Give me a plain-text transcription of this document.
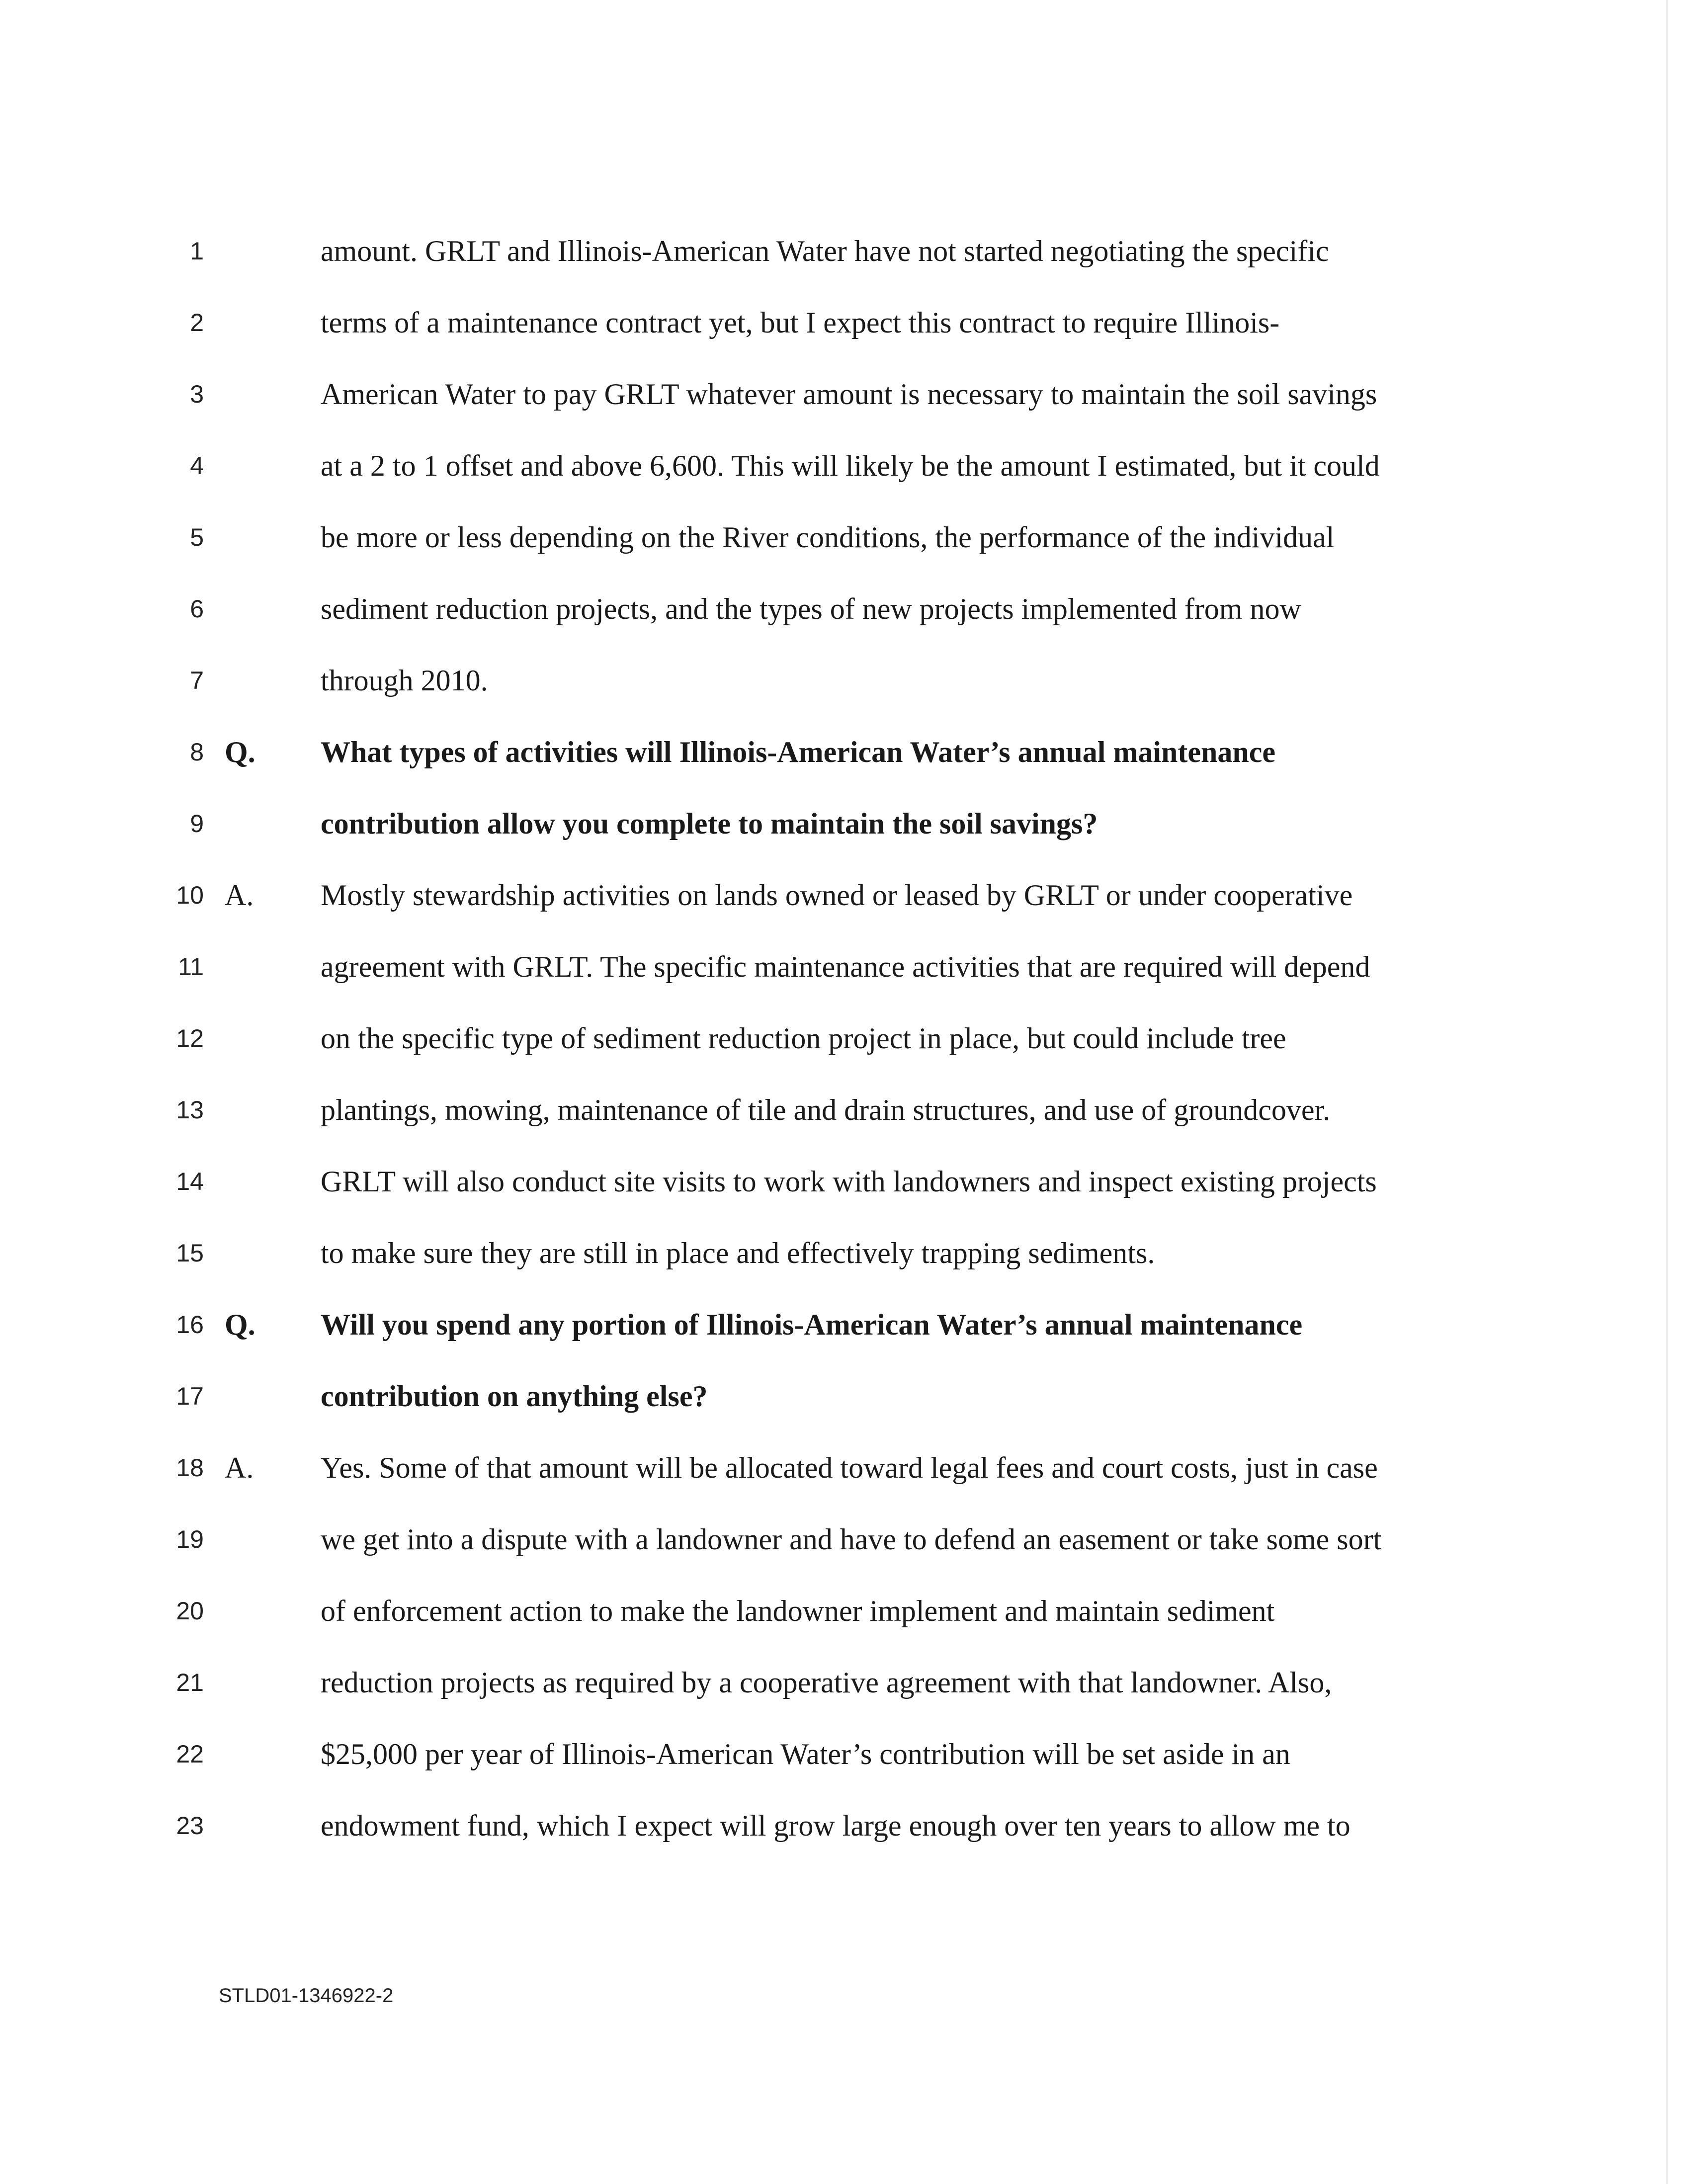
1	amount. GRLT and Illinois-American Water have not started negotiating the specific
2	terms of a maintenance contract yet, but I expect this contract to require Illinois-
3	American Water to pay GRLT whatever amount is necessary to maintain the soil savings
4	at a 2 to 1 offset and above 6,600. This will likely be the amount I estimated, but it could
5	be more or less depending on the River conditions, the performance of the individual
6	sediment reduction projects, and the types of new projects implemented from now
7	through 2010.
8 Q. What types of activities will Illinois-American Water’s annual maintenance
9	contribution allow you complete to maintain the soil savings?
10 A. Mostly stewardship activities on lands owned or leased by GRLT or under cooperative
11	agreement with GRLT. The specific maintenance activities that are required will depend
12	on the specific type of sediment reduction project in place, but could include tree
13	plantings, mowing, maintenance of tile and drain structures, and use of groundcover.
14	GRLT will also conduct site visits to work with landowners and inspect existing projects
15	to make sure they are still in place and effectively trapping sediments.
16 Q. Will you spend any portion of Illinois-American Water’s annual maintenance
17	contribution on anything else?
18 A. Yes. Some of that amount will be allocated toward legal fees and court costs, just in case
19	we get into a dispute with a landowner and have to defend an easement or take some sort
20	of enforcement action to make the landowner implement and maintain sediment
21	reduction projects as required by a cooperative agreement with that landowner. Also,
22	$25,000 per year of Illinois-American Water’s contribution will be set aside in an
23	endowment fund, which I expect will grow large enough over ten years to allow me to
STLD01-1346922-2
